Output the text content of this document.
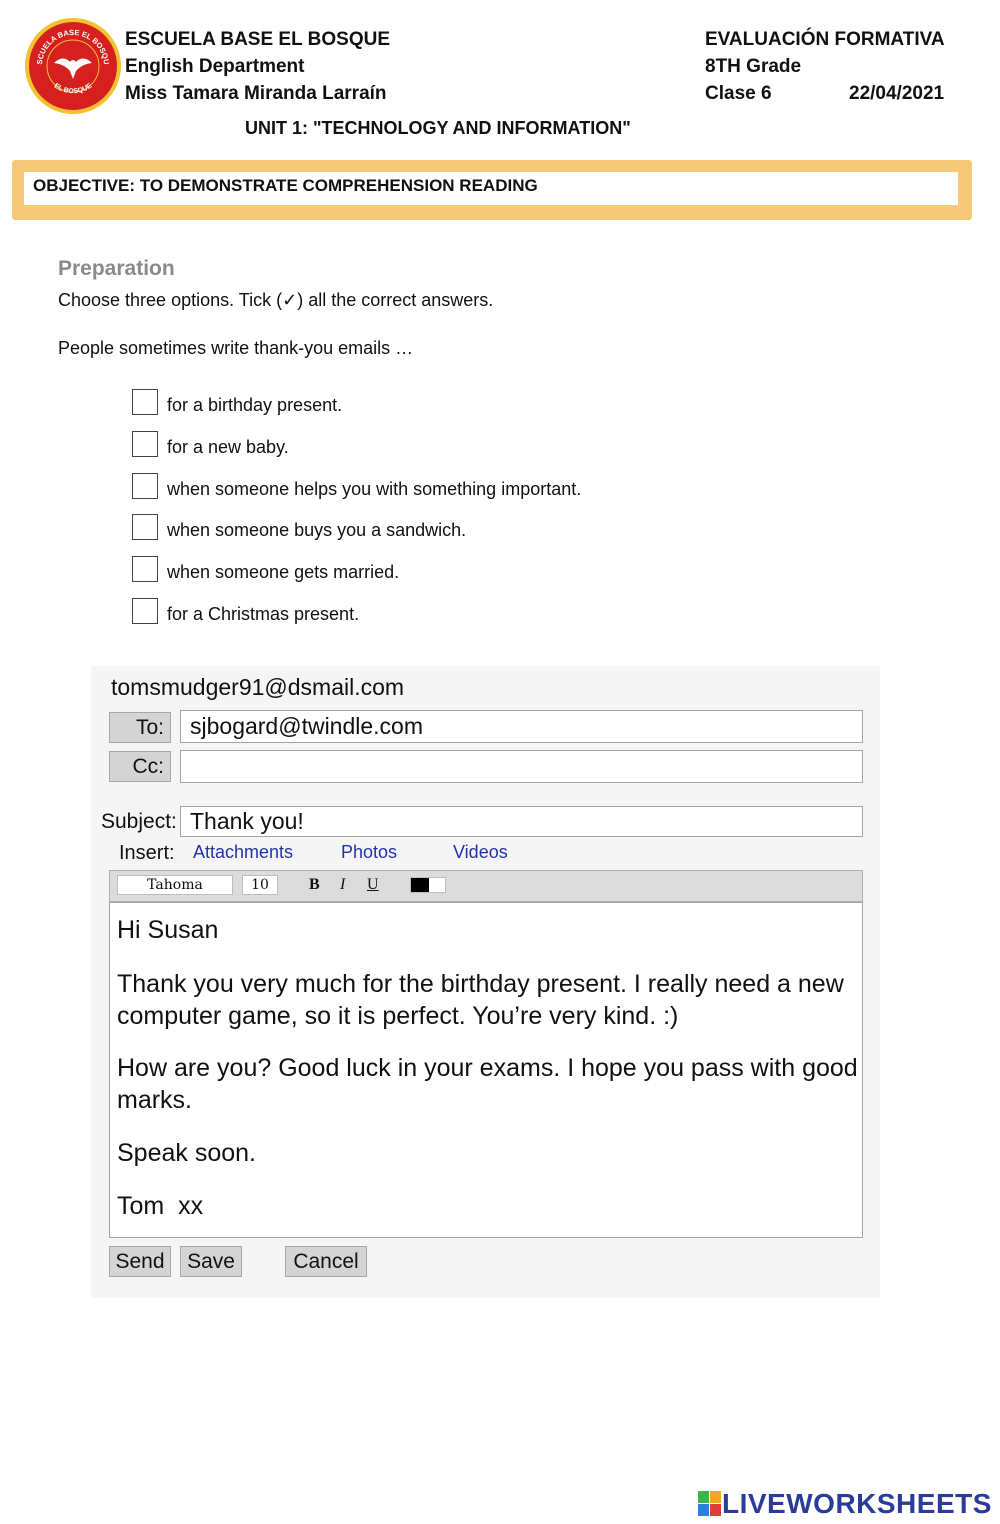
SCUELA BASE EL BOSQU
EL BOSQUE
ESCUELA BASE EL BOSQUE
English Department
Miss Tamara Miranda Larraín
EVALUACIÓN FORMATIVA
8TH Grade
Clase 6	22/04/2021
UNIT 1: "TECHNOLOGY AND INFORMATION"
OBJECTIVE: TO DEMONSTRATE COMPREHENSION READING
Preparation
Choose three options. Tick (✓) all the correct answers.
People sometimes write thank-you emails …
for a birthday present.
for a new baby.
when someone helps you with something important.
when someone buys you a sandwich.
when someone gets married.
for a Christmas present.
tomsmudger91@dsmail.com
To:	sjbogard@twindle.com
Cc:
Subject: Thank you!
Insert: Attachments	Photos	Videos
Tahoma	10	B I U
Hi Susan
Thank you very much for the birthday present. I really need a new computer game, so it is perfect. You’re very kind. :)
How are you? Good luck in your exams. I hope you pass with good marks.
Speak soon.
Tom  xx
Send	Save	Cancel
LIVEWORKSHEETS
